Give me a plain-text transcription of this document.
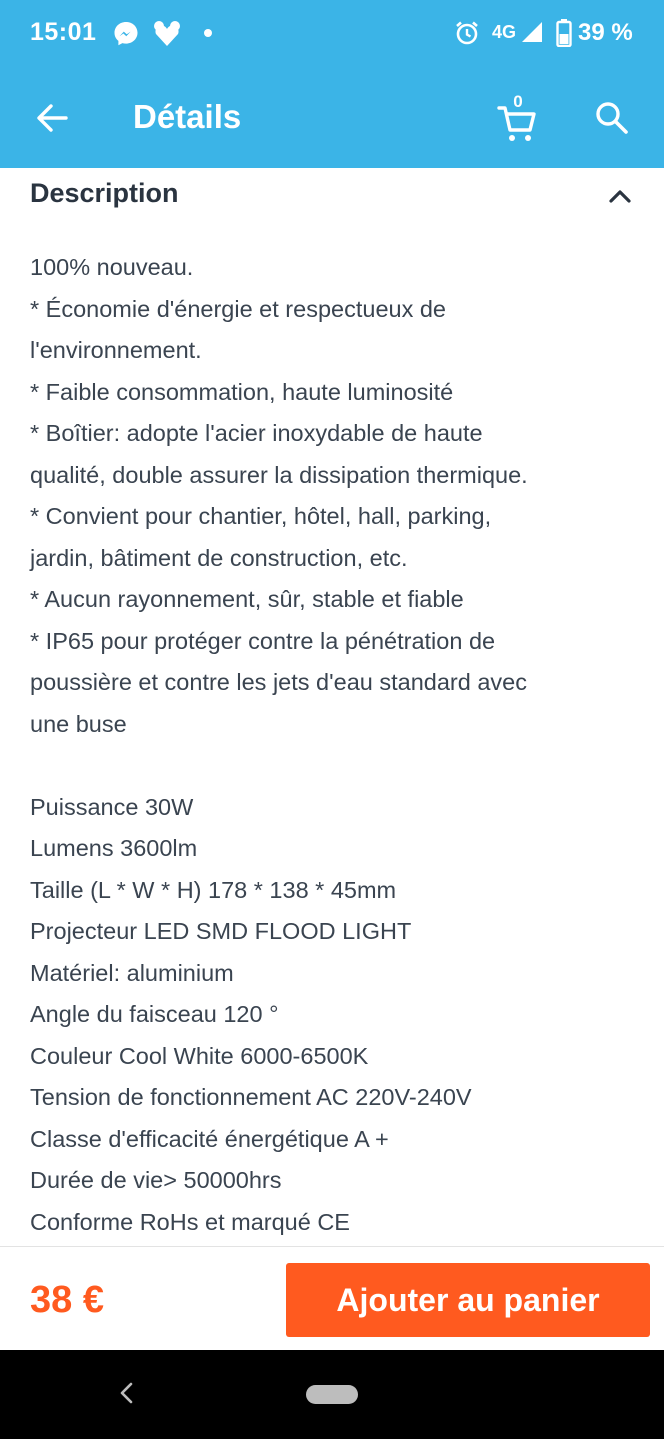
15:01	4G	39 %
Détails	0
Description
100% nouveau.
* Économie d'énergie et respectueux de
l'environnement.
* Faible consommation, haute luminosité
* Boîtier: adopte l'acier inoxydable de haute
qualité, double assurer la dissipation thermique.
* Convient pour chantier, hôtel, hall, parking,
jardin, bâtiment de construction, etc.
* Aucun rayonnement, sûr, stable et fiable
* IP65 pour protéger contre la pénétration de
poussière et contre les jets d'eau standard avec
une buse
Puissance 30W
Lumens 3600lm
Taille (L * W * H) 178 * 138 * 45mm
Projecteur LED SMD FLOOD LIGHT
Matériel: aluminium
Angle du faisceau 120 °
Couleur Cool White 6000-6500K
Tension de fonctionnement AC 220V-240V
Classe d'efficacité énergétique A +
Durée de vie> 50000hrs
Conforme RoHs et marqué CE
38 €	Ajouter au panier
